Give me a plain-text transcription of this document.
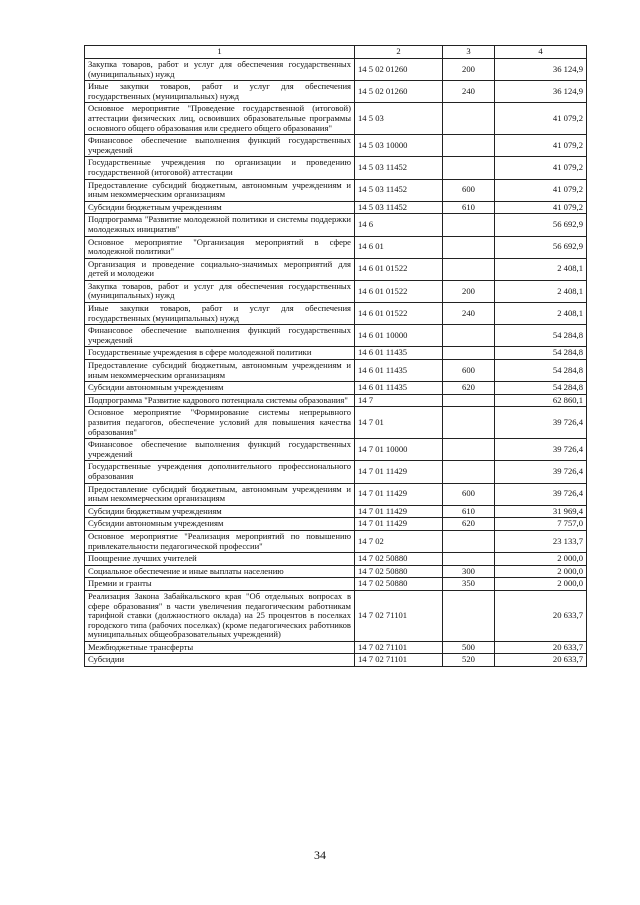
1	2	3	4
Закупка товаров, работ и услуг для обеспечения государственных (муниципальных) нужд	14 5 02 01260	200	36 124,9
Иные закупки товаров, работ и услуг для обеспечения государственных (муниципальных) нужд	14 5 02 01260	240	36 124,9
Основное мероприятие "Проведение государственной (итоговой) аттестации физических лиц, освоивших образовательные программы основного общего образования или среднего общего образования"	14 5 03		41 079,2
Финансовое обеспечение выполнения функций государственных учреждений	14 5 03 10000		41 079,2
Государственные учреждения по организации и проведению государственной (итоговой) аттестации	14 5 03 11452		41 079,2
Предоставление субсидий бюджетным, автономным учреждениям и иным некоммерческим организациям	14 5 03 11452	600	41 079,2
Субсидии бюджетным учреждениям	14 5 03 11452	610	41 079,2
Подпрограмма "Развитие молодежной политики и системы поддержки молодежных инициатив"	14 6		56 692,9
Основное мероприятие "Организация мероприятий в сфере молодежной политики"	14 6 01		56 692,9
Организация и проведение социально-значимых мероприятий для детей и молодежи	14 6 01 01522		2 408,1
Закупка товаров, работ и услуг для обеспечения государственных (муниципальных) нужд	14 6 01 01522	200	2 408,1
Иные закупки товаров, работ и услуг для обеспечения государственных (муниципальных) нужд	14 6 01 01522	240	2 408,1
Финансовое обеспечение выполнения функций государственных учреждений	14 6 01 10000		54 284,8
Государственные учреждения в сфере молодежной политики	14 6 01 11435		54 284,8
Предоставление субсидий бюджетным, автономным учреждениям и иным некоммерческим организациям	14 6 01 11435	600	54 284,8
Субсидии автономным учреждениям	14 6 01 11435	620	54 284,8
Подпрограмма "Развитие кадрового потенциала системы образования"	14 7		62 860,1
Основное мероприятие "Формирование системы непрерывного развития педагогов, обеспечение условий для повышения качества образования"	14 7 01		39 726,4
Финансовое обеспечение выполнения функций государственных учреждений	14 7 01 10000		39 726,4
Государственные учреждения дополнительного профессионального образования	14 7 01 11429		39 726,4
Предоставление субсидий бюджетным, автономным учреждениям и иным некоммерческим организациям	14 7 01 11429	600	39 726,4
Субсидии бюджетным учреждениям	14 7 01 11429	610	31 969,4
Субсидии автономным учреждениям	14 7 01 11429	620	7 757,0
Основное мероприятие "Реализация мероприятий по повышению привлекательности педагогической профессии"	14 7 02		23 133,7
Поощрение лучших учителей	14 7 02 50880		2 000,0
Социальное обеспечение и иные выплаты населению	14 7 02 50880	300	2 000,0
Премии и гранты	14 7 02 50880	350	2 000,0
Реализация Закона Забайкальского края "Об отдельных вопросах в сфере образования" в части увеличения педагогическим работникам тарифной ставки (должностного оклада) на 25 процентов в поселках городского типа (рабочих поселках) (кроме педагогических работников муниципальных общеобразовательных учреждений)	14 7 02 71101		20 633,7
Межбюджетные трансферты	14 7 02 71101	500	20 633,7
Субсидии	14 7 02 71101	520	20 633,7
34
